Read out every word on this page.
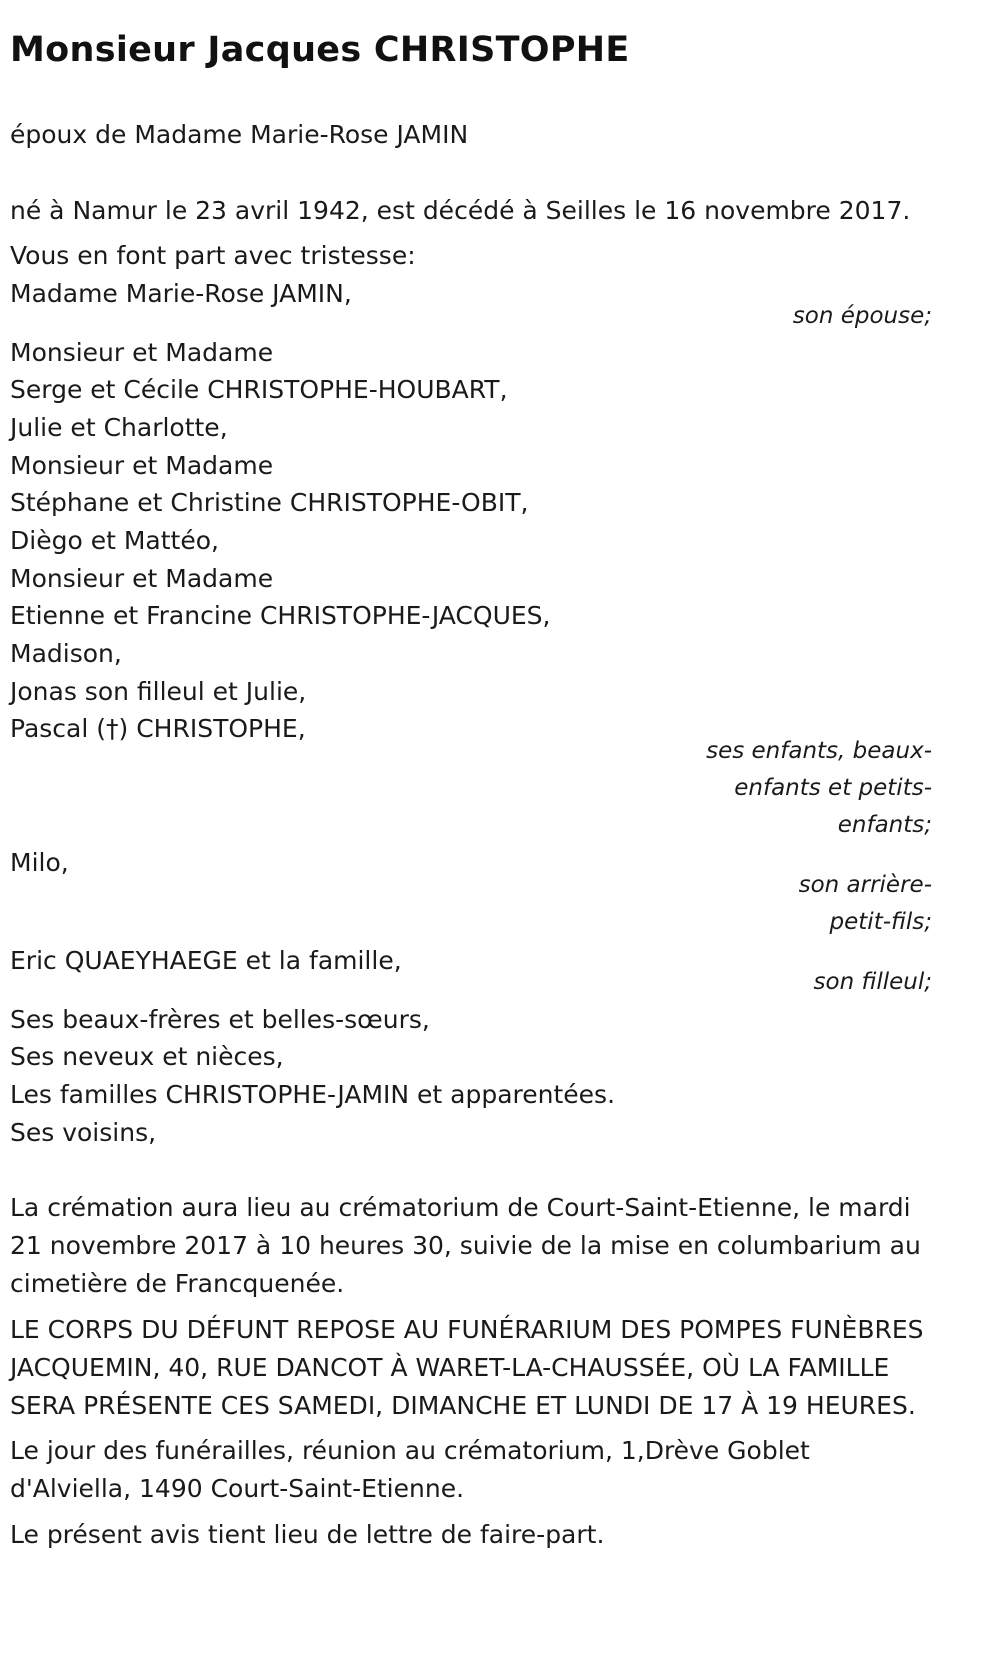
Monsieur Jacques CHRISTOPHE
époux de Madame Marie-Rose JAMIN
né à Namur le 23 avril 1942, est décédé à Seilles le 16 novembre 2017.
Vous en font part avec tristesse:
Madame Marie-Rose JAMIN,
son épouse;
Monsieur et Madame
Serge et Cécile CHRISTOPHE-HOUBART,
Julie et Charlotte,
Monsieur et Madame
Stéphane et Christine CHRISTOPHE-OBIT,
Diègo et Mattéo,
Monsieur et Madame
Etienne et Francine CHRISTOPHE-JACQUES,
Madison,
Jonas son filleul et Julie,
Pascal (†) CHRISTOPHE,
ses enfants, beaux-
enfants et petits-
enfants;
Milo,
son arrière-
petit-fils;
Eric QUAEYHAEGE et la famille,
son filleul;
Ses beaux-frères et belles-sœurs,
Ses neveux et nièces,
Les familles CHRISTOPHE-JAMIN et apparentées.
Ses voisins,
La crémation aura lieu au crématorium de Court-Saint-Etienne, le mardi 21 novembre 2017 à 10 heures 30, suivie de la mise en columbarium au cimetière de Francquenée.
LE CORPS DU DÉFUNT REPOSE AU FUNÉRARIUM DES POMPES FUNÈBRES JACQUEMIN, 40, RUE DANCOT À WARET-LA-CHAUSSÉE, OÙ LA FAMILLE SERA PRÉSENTE CES SAMEDI, DIMANCHE ET LUNDI DE 17 À 19 HEURES.
Le jour des funérailles, réunion au crématorium, 1,Drève Goblet d'Alviella, 1490 Court-Saint-Etienne.
Le présent avis tient lieu de lettre de faire-part.
